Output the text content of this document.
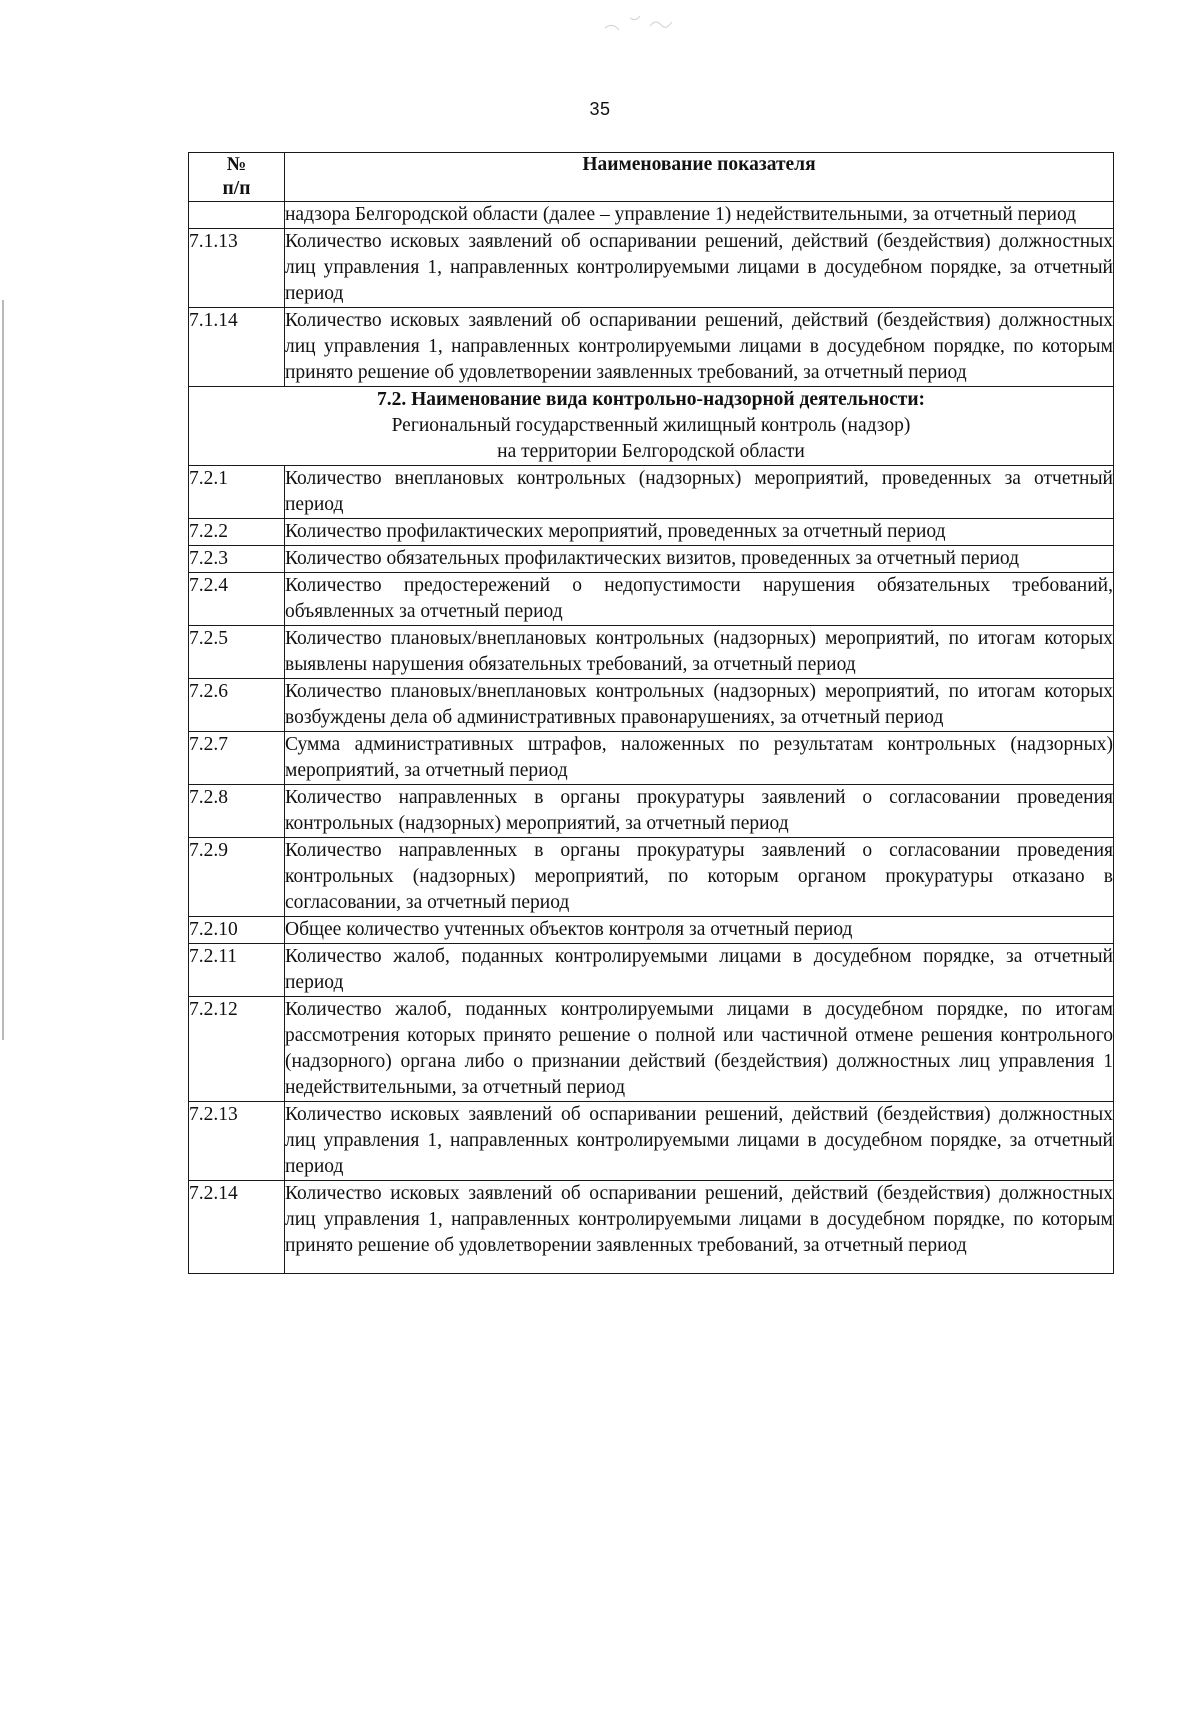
35
№ п/п	Наименование показателя
	надзора Белгородской области (далее – управление 1) недействительными, за отчетный период
7.1.13	Количество исковых заявлений об оспаривании решений, действий (бездействия) должностных лиц управления 1, направленных контролируемыми лицами в досудебном порядке, за отчетный период
7.1.14	Количество исковых заявлений об оспаривании решений, действий (бездействия) должностных лиц управления 1, направленных контролируемыми лицами в досудебном порядке, по которым принято решение об удовлетворении заявленных требований, за отчетный период

7.2. Наименование вида контрольно-надзорной деятельности:
Региональный государственный жилищный контроль (надзор)
на территории Белгородской области	

7.2.1	Количество внеплановых контрольных (надзорных) мероприятий, проведенных за отчетный период
7.2.2	Количество профилактических мероприятий, проведенных за отчетный период
7.2.3	Количество обязательных профилактических визитов, проведенных за отчетный период
7.2.4	Количество предостережений о недопустимости нарушения обязательных требований, объявленных за отчетный период
7.2.5	Количество плановых/внеплановых контрольных (надзорных) мероприятий, по итогам которых выявлены нарушения обязательных требований, за отчетный период
7.2.6	Количество плановых/внеплановых контрольных (надзорных) мероприятий, по итогам которых возбуждены дела об административных правонарушениях, за отчетный период
7.2.7	Сумма административных штрафов, наложенных по результатам контрольных (надзорных) мероприятий, за отчетный период
7.2.8	Количество направленных в органы прокуратуры заявлений о согласовании проведения контрольных (надзорных) мероприятий, за отчетный период
7.2.9	Количество направленных в органы прокуратуры заявлений о согласовании проведения контрольных (надзорных) мероприятий, по которым органом прокуратуры отказано в согласовании, за отчетный период
7.2.10	Общее количество учтенных объектов контроля за отчетный период
7.2.11	Количество жалоб, поданных контролируемыми лицами в досудебном порядке, за отчетный период
7.2.12	Количество жалоб, поданных контролируемыми лицами в досудебном порядке, по итогам рассмотрения которых принято решение о полной или частичной отмене решения контрольного (надзорного) органа либо о признании действий (бездействия) должностных лиц управления 1 недействительными, за отчетный период
7.2.13	Количество исковых заявлений об оспаривании решений, действий (бездействия) должностных лиц управления 1, направленных контролируемыми лицами в досудебном порядке, за отчетный период
7.2.14	Количество исковых заявлений об оспаривании решений, действий (бездействия) должностных лиц управления 1, направленных контролируемыми лицами в досудебном порядке, по которым принято решение об удовлетворении заявленных требований, за отчетный период
